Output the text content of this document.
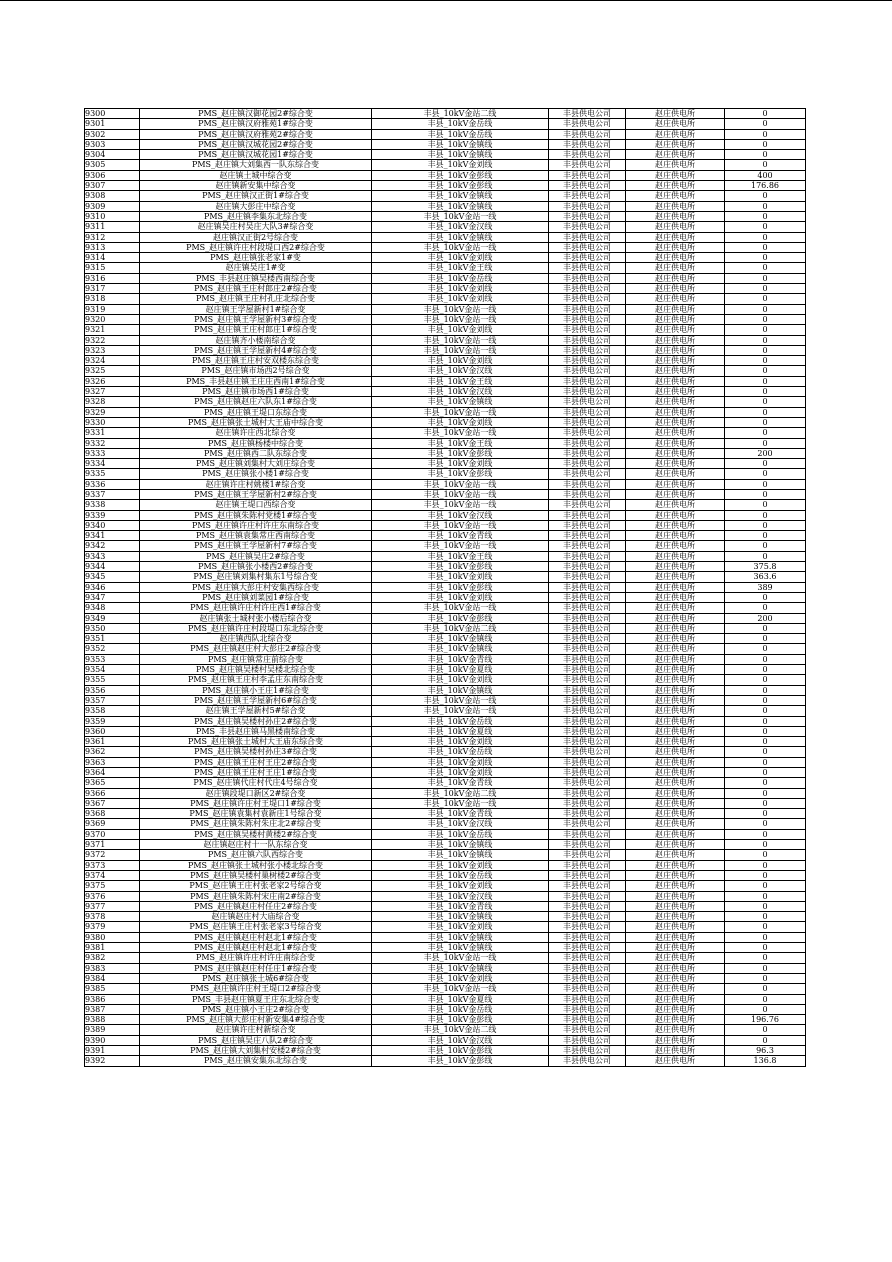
9300	PMS_赵庄镇汉御花园2#综合变	丰县_10kV金站二线	丰县供电公司	赵庄供电所	0
9301	PMS_赵庄镇汉府雅苑1#综合变	丰县_10kV金岳线	丰县供电公司	赵庄供电所	0
9302	PMS_赵庄镇汉府雅苑2#综合变	丰县_10kV金岳线	丰县供电公司	赵庄供电所	0
9303	PMS_赵庄镇汉城花园2#综合变	丰县_10kV金镇线	丰县供电公司	赵庄供电所	0
9304	PMS_赵庄镇汉城花园1#综合变	丰县_10kV金镇线	丰县供电公司	赵庄供电所	0
9305	PMS_赵庄镇大刘集西一队东综合变	丰县_10kV金刘线	丰县供电公司	赵庄供电所	0
9306	赵庄镇土城中综合变	丰县_10kV金彭线	丰县供电公司	赵庄供电所	400
9307	赵庄镇新安集中综合变	丰县_10kV金彭线	丰县供电公司	赵庄供电所	176.86
9308	PMS_赵庄镇汉正街1#综合变	丰县_10kV金镇线	丰县供电公司	赵庄供电所	0
9309	赵庄镇大彭庄中综合变	丰县_10kV金镇线	丰县供电公司	赵庄供电所	0
9310	PMS_赵庄镇李集东北综合变	丰县_10kV金站一线	丰县供电公司	赵庄供电所	0
9311	赵庄镇吴庄村吴庄大队3#综合变	丰县_10kV金汉线	丰县供电公司	赵庄供电所	0
9312	赵庄镇汉正街2号综合变	丰县_10kV金镇线	丰县供电公司	赵庄供电所	0
9313	PMS_赵庄镇许庄村段堤口西2#综合变	丰县_10kV金站一线	丰县供电公司	赵庄供电所	0
9314	PMS_赵庄镇张老家1#变	丰县_10kV金刘线	丰县供电公司	赵庄供电所	0
9315	赵庄镇吴庄1#变	丰县_10kV金王线	丰县供电公司	赵庄供电所	0
9316	PMS_丰县赵庄镇吴楼西南综合变	丰县_10kV金岳线	丰县供电公司	赵庄供电所	0
9317	PMS_赵庄镇王庄村郎庄2#综合变	丰县_10kV金刘线	丰县供电公司	赵庄供电所	0
9318	PMS_赵庄镇王庄村孔庄北综合变	丰县_10kV金刘线	丰县供电公司	赵庄供电所	0
9319	赵庄镇王学屋新村1#综合变	丰县_10kV金站一线	丰县供电公司	赵庄供电所	0
9320	PMS_赵庄镇王学屋新村3#综合变	丰县_10kV金站一线	丰县供电公司	赵庄供电所	0
9321	PMS_赵庄镇王庄村郎庄1#综合变	丰县_10kV金刘线	丰县供电公司	赵庄供电所	0
9322	赵庄镇齐小楼南综合变	丰县_10kV金站一线	丰县供电公司	赵庄供电所	0
9323	PMS_赵庄镇王学屋新村4#综合变	丰县_10kV金站一线	丰县供电公司	赵庄供电所	0
9324	PMS_赵庄镇王庄村安双楼东综合变	丰县_10kV金刘线	丰县供电公司	赵庄供电所	0
9325	PMS_赵庄镇市场西2号综合变	丰县_10kV金汉线	丰县供电公司	赵庄供电所	0
9326	PMS_丰县赵庄镇王庄庄西南1#综合变	丰县_10kV金王线	丰县供电公司	赵庄供电所	0
9327	PMS_赵庄镇市场西1#综合变	丰县_10kV金汉线	丰县供电公司	赵庄供电所	0
9328	PMS_赵庄镇赵庄六队东1#综合变	丰县_10kV金镇线	丰县供电公司	赵庄供电所	0
9329	PMS_赵庄镇王堤口东综合变	丰县_10kV金站一线	丰县供电公司	赵庄供电所	0
9330	PMS_赵庄镇张土城村大王庙中综合变	丰县_10kV金刘线	丰县供电公司	赵庄供电所	0
9331	赵庄镇许庄西北综合变	丰县_10kV金站一线	丰县供电公司	赵庄供电所	0
9332	PMS_赵庄镇杨楼中综合变	丰县_10kV金王线	丰县供电公司	赵庄供电所	0
9333	PMS_赵庄镇西二队东综合变	丰县_10kV金彭线	丰县供电公司	赵庄供电所	200
9334	PMS_赵庄镇刘集村大刘庄综合变	丰县_10kV金刘线	丰县供电公司	赵庄供电所	0
9335	PMS_赵庄镇张小楼1#综合变	丰县_10kV金彭线	丰县供电公司	赵庄供电所	0
9336	赵庄镇许庄村姚楼1#综合变	丰县_10kV金站一线	丰县供电公司	赵庄供电所	0
9337	PMS_赵庄镇王学屋新村2#综合变	丰县_10kV金站一线	丰县供电公司	赵庄供电所	0
9338	赵庄镇王堤口西综合变	丰县_10kV金站一线	丰县供电公司	赵庄供电所	0
9339	PMS_赵庄镇朱陈村党楼1#综合变	丰县_10kV金汉线	丰县供电公司	赵庄供电所	0
9340	PMS_赵庄镇许庄村许庄东南综合变	丰县_10kV金站一线	丰县供电公司	赵庄供电所	0
9341	PMS_赵庄镇袁集常庄西南综合变	丰县_10kV金青线	丰县供电公司	赵庄供电所	0
9342	PMS_赵庄镇王学屋新村7#综合变	丰县_10kV金站一线	丰县供电公司	赵庄供电所	0
9343	PMS_赵庄镇吴庄2#综合变	丰县_10kV金王线	丰县供电公司	赵庄供电所	0
9344	PMS_赵庄镇张小楼西2#综合变	丰县_10kV金彭线	丰县供电公司	赵庄供电所	375.8
9345	PMS_赵庄镇刘集村集东1号综合变	丰县_10kV金刘线	丰县供电公司	赵庄供电所	363.6
9346	PMS_赵庄镇大彭庄村安集西综合变	丰县_10kV金彭线	丰县供电公司	赵庄供电所	389
9347	PMS_赵庄镇刘菜园1#综合变	丰县_10kV金刘线	丰县供电公司	赵庄供电所	0
9348	PMS_赵庄镇许庄村许庄西1#综合变	丰县_10kV金站一线	丰县供电公司	赵庄供电所	0
9349	赵庄镇张土城村张小楼后综合变	丰县_10kV金彭线	丰县供电公司	赵庄供电所	200
9350	PMS_赵庄镇许庄村段堤口东北综合变	丰县_10kV金站二线	丰县供电公司	赵庄供电所	0
9351	赵庄镇西队北综合变	丰县_10kV金镇线	丰县供电公司	赵庄供电所	0
9352	PMS_赵庄镇赵庄村大彭庄2#综合变	丰县_10kV金镇线	丰县供电公司	赵庄供电所	0
9353	PMS_赵庄镇常庄前综合变	丰县_10kV金青线	丰县供电公司	赵庄供电所	0
9354	PMS_赵庄镇吴楼村吴楼北综合变	丰县_10kV金夏线	丰县供电公司	赵庄供电所	0
9355	PMS_赵庄镇王庄村李孟庄东南综合变	丰县_10kV金刘线	丰县供电公司	赵庄供电所	0
9356	PMS_赵庄镇小王庄1#综合变	丰县_10kV金镇线	丰县供电公司	赵庄供电所	0
9357	PMS_赵庄镇王学屋新村6#综合变	丰县_10kV金站一线	丰县供电公司	赵庄供电所	0
9358	赵庄镇王学屋新村5#综合变	丰县_10kV金站一线	丰县供电公司	赵庄供电所	0
9359	PMS_赵庄镇吴楼村孙庄2#综合变	丰县_10kV金岳线	丰县供电公司	赵庄供电所	0
9360	PMS_丰县赵庄镇马黑楼南综合变	丰县_10kV金夏线	丰县供电公司	赵庄供电所	0
9361	PMS_赵庄镇张土城村大王庙东综合变	丰县_10kV金刘线	丰县供电公司	赵庄供电所	0
9362	PMS_赵庄镇吴楼村孙庄3#综合变	丰县_10kV金岳线	丰县供电公司	赵庄供电所	0
9363	PMS_赵庄镇王庄村王庄2#综合变	丰县_10kV金刘线	丰县供电公司	赵庄供电所	0
9364	PMS_赵庄镇王庄村王庄1#综合变	丰县_10kV金刘线	丰县供电公司	赵庄供电所	0
9365	PMS_赵庄镇代庄村代庄4号综合变	丰县_10kV金青线	丰县供电公司	赵庄供电所	0
9366	赵庄镇段堤口新区2#综合变	丰县_10kV金站二线	丰县供电公司	赵庄供电所	0
9367	PMS_赵庄镇许庄村王堤口1#综合变	丰县_10kV金站一线	丰县供电公司	赵庄供电所	0
9368	PMS_赵庄镇袁集村袁新庄1号综合变	丰县_10kV金青线	丰县供电公司	赵庄供电所	0
9369	PMS_赵庄镇朱陈村朱庄北2#综合变	丰县_10kV金汉线	丰县供电公司	赵庄供电所	0
9370	PMS_赵庄镇吴楼村黄楼2#综合变	丰县_10kV金岳线	丰县供电公司	赵庄供电所	0
9371	赵庄镇赵庄村十一队东综合变	丰县_10kV金镇线	丰县供电公司	赵庄供电所	0
9372	PMS_赵庄镇六队西综合变	丰县_10kV金镇线	丰县供电公司	赵庄供电所	0
9373	PMS_赵庄镇张土城村张小楼北综合变	丰县_10kV金刘线	丰县供电公司	赵庄供电所	0
9374	PMS_赵庄镇吴楼村巢树楼2#综合变	丰县_10kV金岳线	丰县供电公司	赵庄供电所	0
9375	PMS_赵庄镇王庄村张老家2号综合变	丰县_10kV金刘线	丰县供电公司	赵庄供电所	0
9376	PMS_赵庄镇朱陈村宋庄南2#综合变	丰县_10kV金汉线	丰县供电公司	赵庄供电所	0
9377	PMS_赵庄镇赵庄村任庄2#综合变	丰县_10kV金青线	丰县供电公司	赵庄供电所	0
9378	赵庄镇赵庄村大庙综合变	丰县_10kV金镇线	丰县供电公司	赵庄供电所	0
9379	PMS_赵庄镇王庄村张老家3号综合变	丰县_10kV金刘线	丰县供电公司	赵庄供电所	0
9380	PMS_赵庄镇赵庄村赵北1#综合变	丰县_10kV金镇线	丰县供电公司	赵庄供电所	0
9381	PMS_赵庄镇赵庄村赵北1#综合变	丰县_10kV金镇线	丰县供电公司	赵庄供电所	0
9382	PMS_赵庄镇许庄村许庄南综合变	丰县_10kV金站一线	丰县供电公司	赵庄供电所	0
9383	PMS_赵庄镇赵庄村任庄1#综合变	丰县_10kV金镇线	丰县供电公司	赵庄供电所	0
9384	PMS_赵庄镇张土城6#综合变	丰县_10kV金刘线	丰县供电公司	赵庄供电所	0
9385	PMS_赵庄镇许庄村王堤口2#综合变	丰县_10kV金站一线	丰县供电公司	赵庄供电所	0
9386	PMS_丰县赵庄镇夏王庄东北综合变	丰县_10kV金夏线	丰县供电公司	赵庄供电所	0
9387	PMS_赵庄镇小王庄2#综合变	丰县_10kV金岳线	丰县供电公司	赵庄供电所	0
9388	PMS_赵庄镇大彭庄村新安集4#综合变	丰县_10kV金彭线	丰县供电公司	赵庄供电所	196.76
9389	赵庄镇许庄村新综合变	丰县_10kV金站二线	丰县供电公司	赵庄供电所	0
9390	PMS_赵庄镇吴庄八队2#综合变	丰县_10kV金汉线	丰县供电公司	赵庄供电所	0
9391	PMS_赵庄镇大刘集村安楼2#综合变	丰县_10kV金彭线	丰县供电公司	赵庄供电所	96.3
9392	PMS_赵庄镇安集东北综合变	丰县_10kV金彭线	丰县供电公司	赵庄供电所	136.8
